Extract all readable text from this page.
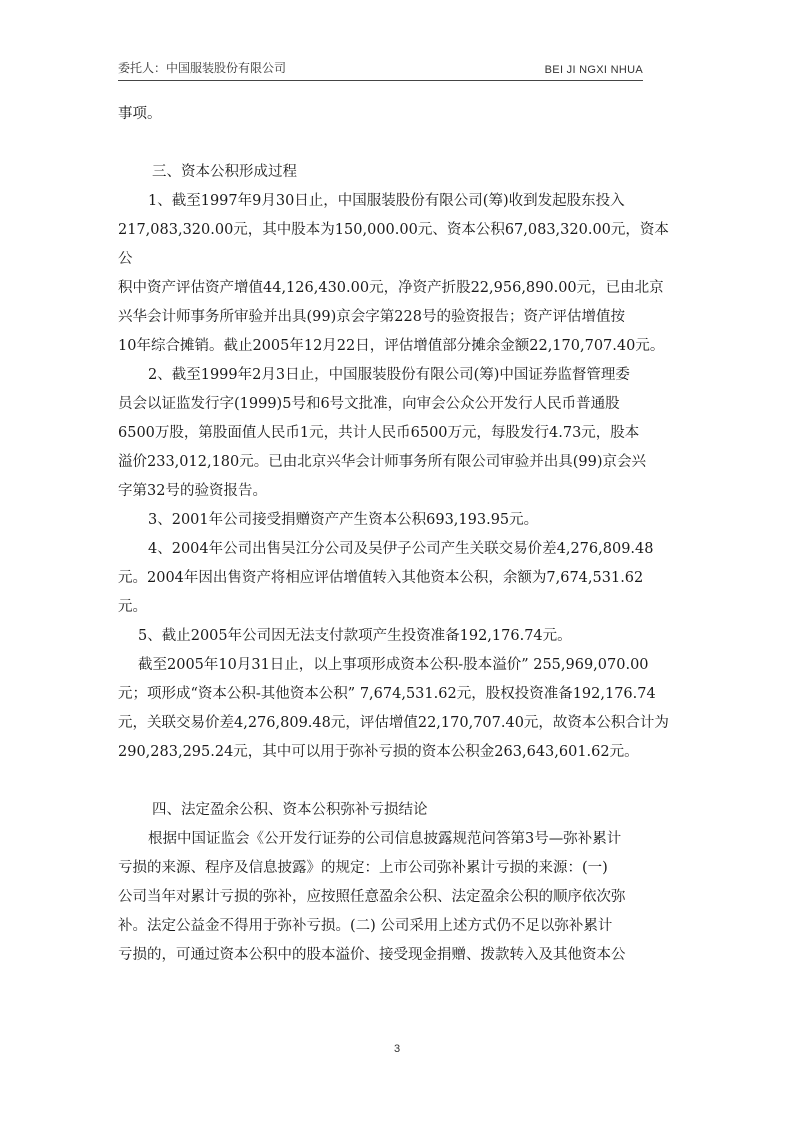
委托人：中国服装股份有限公司	BEI JI NGXI NHUA

事项。

三、资本公积形成过程

1、截至1997年9月30日止，中国服装股份有限公司(筹)收到发起股东投入

217,083,320.00元，其中股本为150,000.00元、资本公积67,083,320.00元，资本公

积中资产评估资产增值44,126,430.00元，净资产折股22,956,890.00元，已由北京

兴华会计师事务所审验并出具(99)京会字第228号的验资报告；资产评估增值按

10年综合摊销。截止2005年12月22日，评估增值部分摊余金额22,170,707.40元。

2、截至1999年2月3日止，中国服装股份有限公司(筹)中国证券监督管理委

员会以证监发行字(1999)5号和6号文批准，向审会公众公开发行人民币普通股

6500万股，第股面值人民币1元，共计人民币6500万元，每股发行4.73元，股本

溢价233,012,180元。已由北京兴华会计师事务所有限公司审验并出具(99)京会兴

字第32号的验资报告。

3、2001年公司接受捐赠资产产生资本公积693,193.95元。

4、2004年公司出售吴江分公司及吴伊子公司产生关联交易价差4,276,809.48

元。2004年因出售资产将相应评估增值转入其他资本公积，余额为7,674,531.62

元。

5、截止2005年公司因无法支付款项产生投资准备192,176.74元。

截至2005年10月31日止，以上事项形成资本公积-股本溢价” 255,969,070.00

元；项形成“资本公积-其他资本公积” 7,674,531.62元，股权投资准备192,176.74

元，关联交易价差4,276,809.48元，评估增值22,170,707.40元，故资本公积合计为

290,283,295.24元，其中可以用于弥补亏损的资本公积金263,643,601.62元。

四、法定盈余公积、资本公积弥补亏损结论

根据中国证监会《公开发行证券的公司信息披露规范问答第3号—弥补累计

亏损的来源、程序及信息披露》的规定：上市公司弥补累计亏损的来源：(一)

公司当年对累计亏损的弥补，应按照任意盈余公积、法定盈余公积的顺序依次弥

补。法定公益金不得用于弥补亏损。(二) 公司采用上述方式仍不足以弥补累计

亏损的，可通过资本公积中的股本溢价、接受现金捐赠、拨款转入及其他资本公

3
